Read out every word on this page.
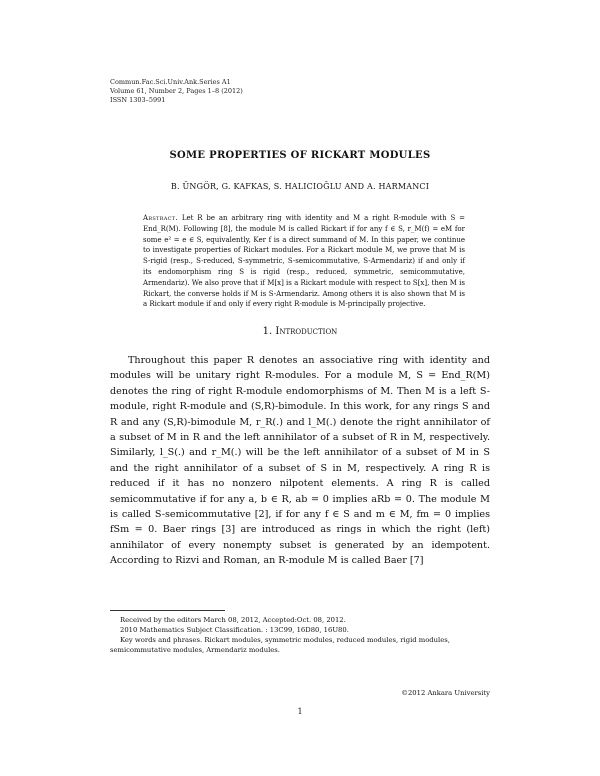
Commun.Fac.Sci.Univ.Ank.Series A1
Volume 61, Number 2, Pages 1–8 (2012)
ISSN 1303–5991
SOME PROPERTIES OF RICKART MODULES
B. ÜNGÖR, G. KAFKAS, S. HALICIOĞLU AND A. HARMANCI
Abstract. Let R be an arbitrary ring with identity and M a right R-module with S = End_R(M). Following [8], the module M is called Rickart if for any f ∈ S, r_M(f) = eM for some e² = e ∈ S, equivalently, Ker f is a direct summand of M. In this paper, we continue to investigate properties of Rickart modules. For a Rickart module M, we prove that M is S-rigid (resp., S-reduced, S-symmetric, S-semicommutative, S-Armendariz) if and only if its endomorphism ring S is rigid (resp., reduced, symmetric, semicommutative, Armendariz). We also prove that if M[x] is a Rickart module with respect to S[x], then M is Rickart, the converse holds if M is S-Armendariz. Among others it is also shown that M is a Rickart module if and only if every right R-module is M-principally projective.
1. Introduction
Throughout this paper R denotes an associative ring with identity and modules will be unitary right R-modules. For a module M, S = End_R(M) denotes the ring of right R-module endomorphisms of M. Then M is a left S-module, right R-module and (S,R)-bimodule. In this work, for any rings S and R and any (S,R)-bimodule M, r_R(.) and l_M(.) denote the right annihilator of a subset of M in R and the left annihilator of a subset of R in M, respectively. Similarly, l_S(.) and r_M(.) will be the left annihilator of a subset of M in S and the right annihilator of a subset of S in M, respectively. A ring R is reduced if it has no nonzero nilpotent elements. A ring R is called semicommutative if for any a, b ∈ R, ab = 0 implies aRb = 0. The module M is called S-semicommutative [2], if for any f ∈ S and m ∈ M, fm = 0 implies fSm = 0. Baer rings [3] are introduced as rings in which the right (left) annihilator of every nonempty subset is generated by an idempotent. According to Rizvi and Roman, an R-module M is called Baer [7]

Received by the editors March 08, 2012, Accepted:Oct. 08, 2012.

2010 Mathematics Subject Classification. : 13C99, 16D80, 16U80.

Key words and phrases. Rickart modules, symmetric modules, reduced modules, rigid modules, semicommutative modules, Armendariz modules.

©2012 Ankara University
1
